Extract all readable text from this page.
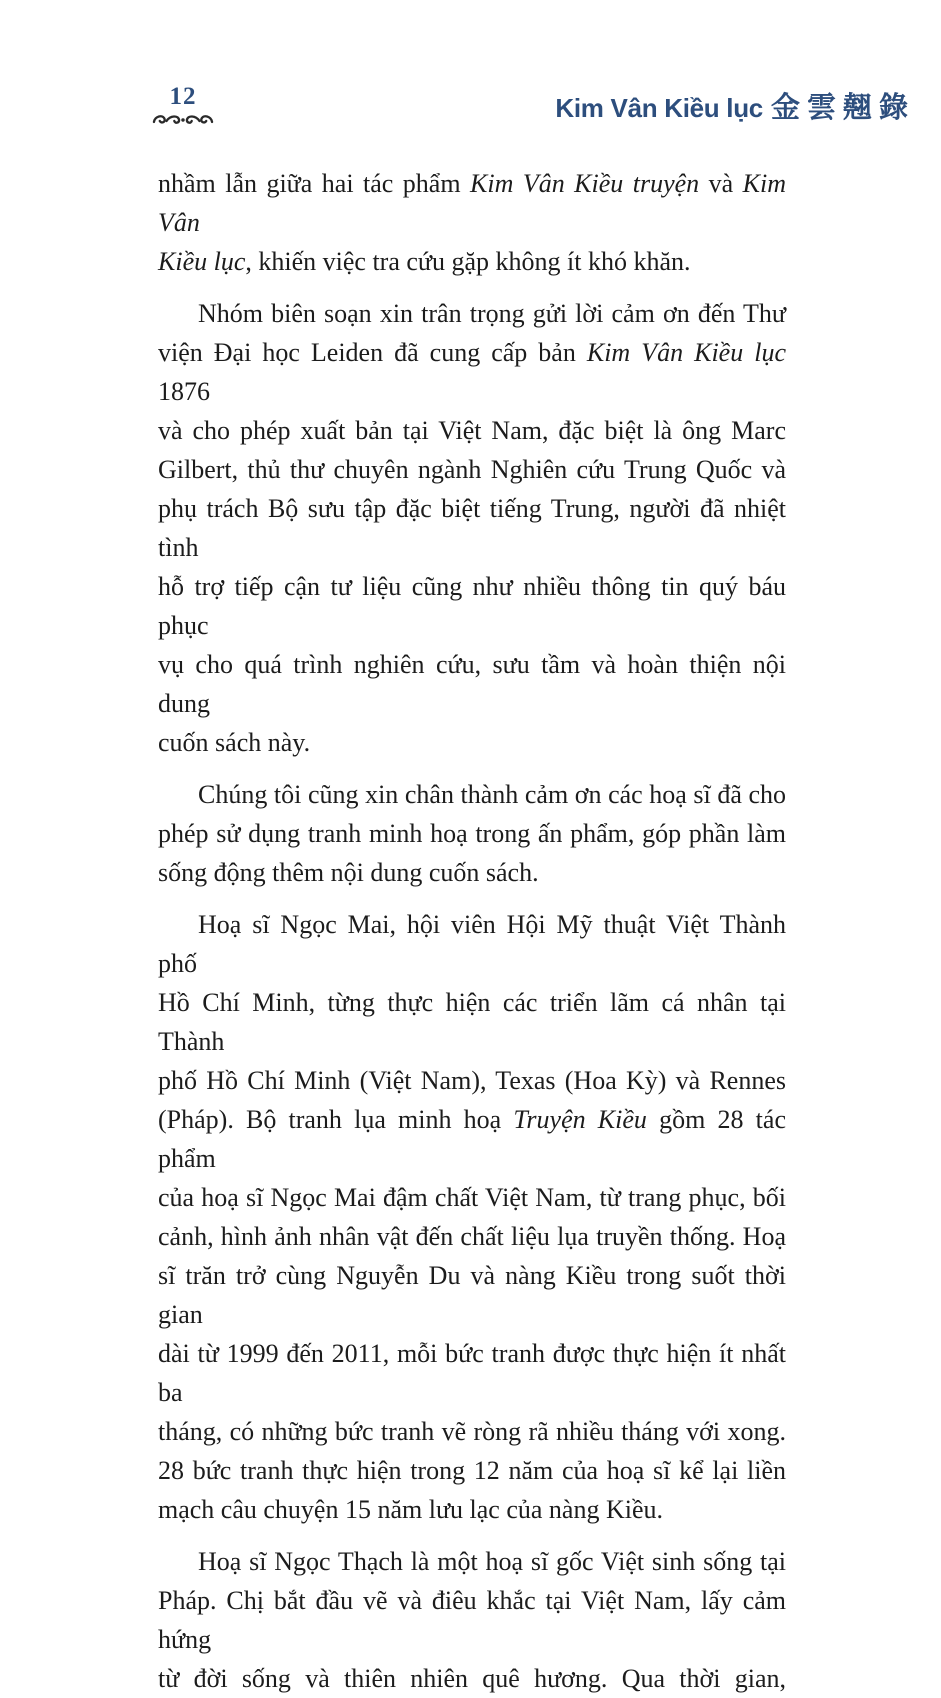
12	Kim Vân Kiều lục 金雲翹錄
nhầm lẫn giữa hai tác phẩm Kim Vân Kiều truyện và Kim Vân
Kiều lục, khiến việc tra cứu gặp không ít khó khăn.
Nhóm biên soạn xin trân trọng gửi lời cảm ơn đến Thư
viện Đại học Leiden đã cung cấp bản Kim Vân Kiều lục 1876
và cho phép xuất bản tại Việt Nam, đặc biệt là ông Marc
Gilbert, thủ thư chuyên ngành Nghiên cứu Trung Quốc và
phụ trách Bộ sưu tập đặc biệt tiếng Trung, người đã nhiệt tình
hỗ trợ tiếp cận tư liệu cũng như nhiều thông tin quý báu phục
vụ cho quá trình nghiên cứu, sưu tầm và hoàn thiện nội dung
cuốn sách này.
Chúng tôi cũng xin chân thành cảm ơn các hoạ sĩ đã cho
phép sử dụng tranh minh hoạ trong ấn phẩm, góp phần làm
sống động thêm nội dung cuốn sách.
Hoạ sĩ Ngọc Mai, hội viên Hội Mỹ thuật Việt Thành phố
Hồ Chí Minh, từng thực hiện các triển lãm cá nhân tại Thành
phố Hồ Chí Minh (Việt Nam), Texas (Hoa Kỳ) và Rennes
(Pháp). Bộ tranh lụa minh hoạ Truyện Kiều gồm 28 tác phẩm
của hoạ sĩ Ngọc Mai đậm chất Việt Nam, từ trang phục, bối
cảnh, hình ảnh nhân vật đến chất liệu lụa truyền thống. Hoạ
sĩ trăn trở cùng Nguyễn Du và nàng Kiều trong suốt thời gian
dài từ 1999 đến 2011, mỗi bức tranh được thực hiện ít nhất ba
tháng, có những bức tranh vẽ ròng rã nhiều tháng với xong.
28 bức tranh thực hiện trong 12 năm của hoạ sĩ kể lại liền
mạch câu chuyện 15 năm lưu lạc của nàng Kiều.
Hoạ sĩ Ngọc Thạch là một hoạ sĩ gốc Việt sinh sống tại
Pháp. Chị bắt đầu vẽ và điêu khắc tại Việt Nam, lấy cảm hứng
từ đời sống và thiên nhiên quê hương. Qua thời gian,
